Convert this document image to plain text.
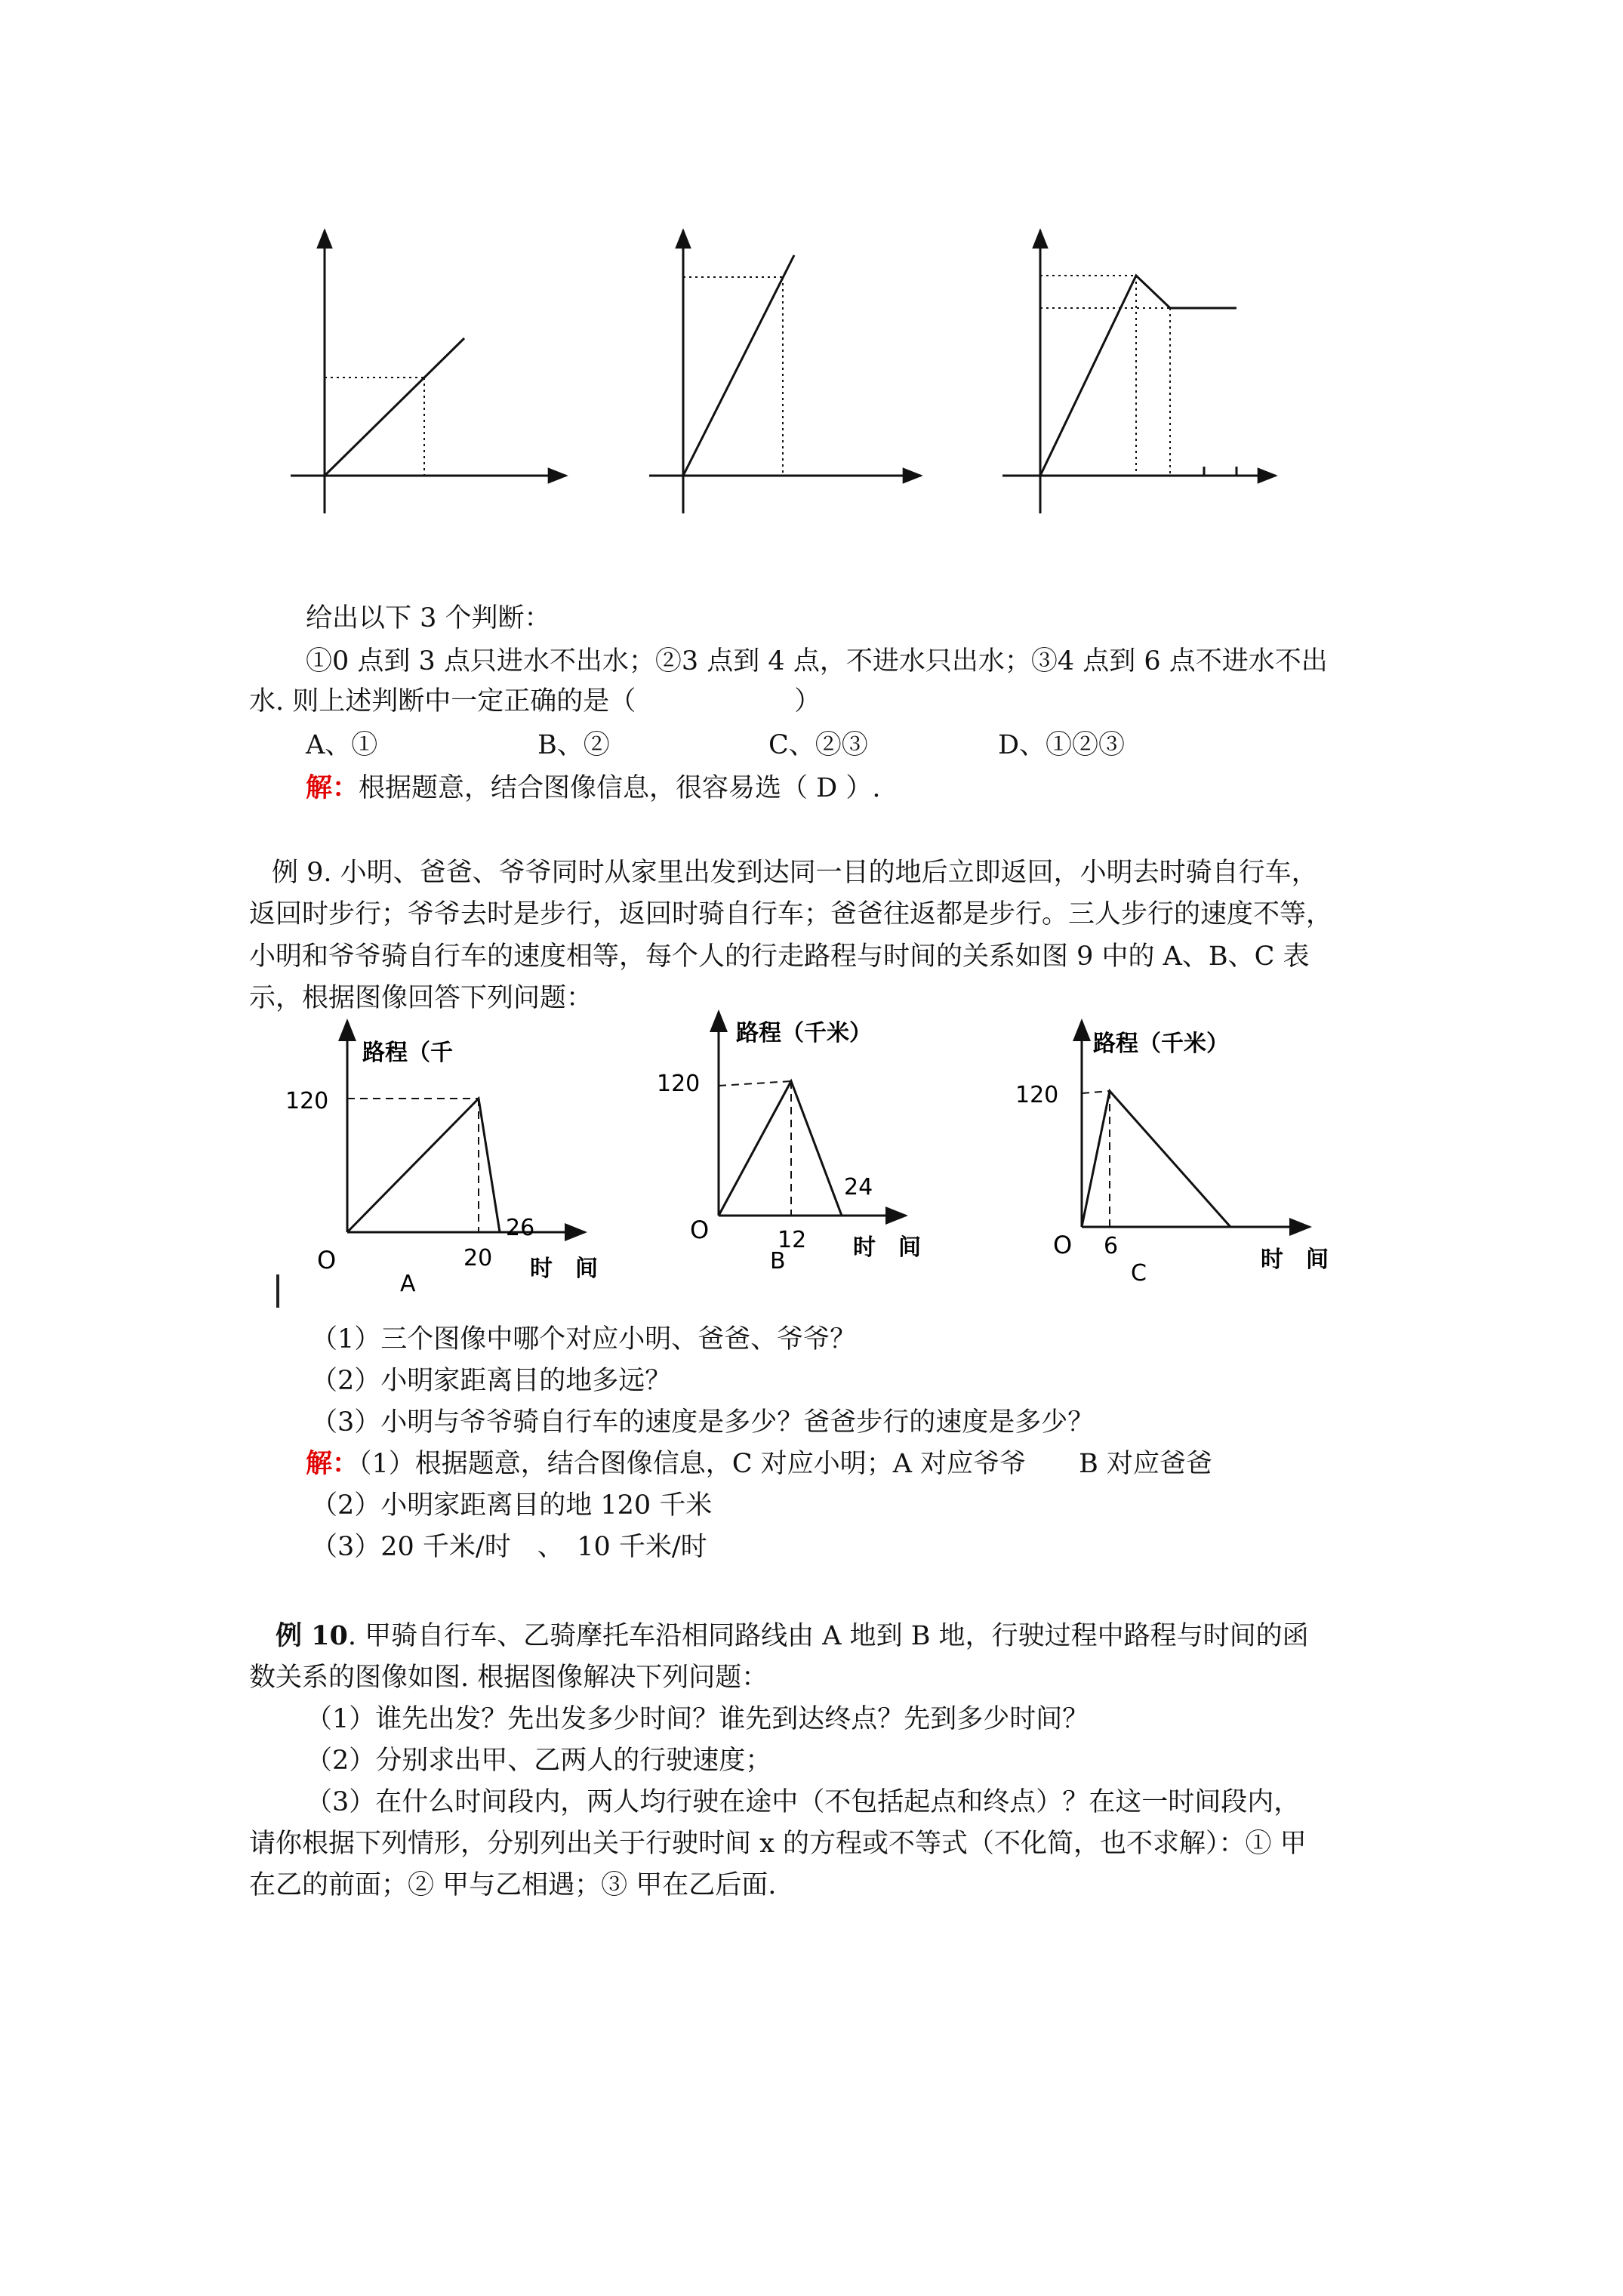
给出以下 3 个判断：
①0 点到 3 点只进水不出水；②3 点到 4 点，不进水只出水；③4 点到 6 点不进水不出
水. 则上述判断中一定正确的是（　　　　　　）
A、①	B、②	C、②③	D、①②③
解：根据题意，结合图像信息，很容易选（ D ）.
例 9. 小明、爸爸、爷爷同时从家里出发到达同一目的地后立即返回，小明去时骑自行车，
返回时步行；爷爷去时是步行，返回时骑自行车；爸爸往返都是步行。三人步行的速度不等，
小明和爷爷骑自行车的速度相等，每个人的行走路程与时间的关系如图 9 中的 A、B、C 表
示，根据图像回答下列问题：
路程（千
120
O	20
26
时　间
A
路程（千米）
120
O	12
24
时　间
B
路程（千米）
120
O 6
时　间
C
（1）三个图像中哪个对应小明、爸爸、爷爷？
（2）小明家距离目的地多远？
（3）小明与爷爷骑自行车的速度是多少？爸爸步行的速度是多少？
解：（1）根据题意，结合图像信息，C 对应小明；A 对应爷爷　　B 对应爸爸
（2）小明家距离目的地 120 千米
（3）20 千米/时　、　10 千米/时
例 10. 甲骑自行车、乙骑摩托车沿相同路线由 A 地到 B 地，行驶过程中路程与时间的函
数关系的图像如图. 根据图像解决下列问题：
（1）谁先出发？先出发多少时间？谁先到达终点？先到多少时间？
（2）分别求出甲、乙两人的行驶速度；
（3）在什么时间段内，两人均行驶在途中（不包括起点和终点）？在这一时间段内，
请你根据下列情形，分别列出关于行驶时间 x 的方程或不等式（不化简，也不求解）：① 甲
在乙的前面；② 甲与乙相遇；③ 甲在乙后面.
